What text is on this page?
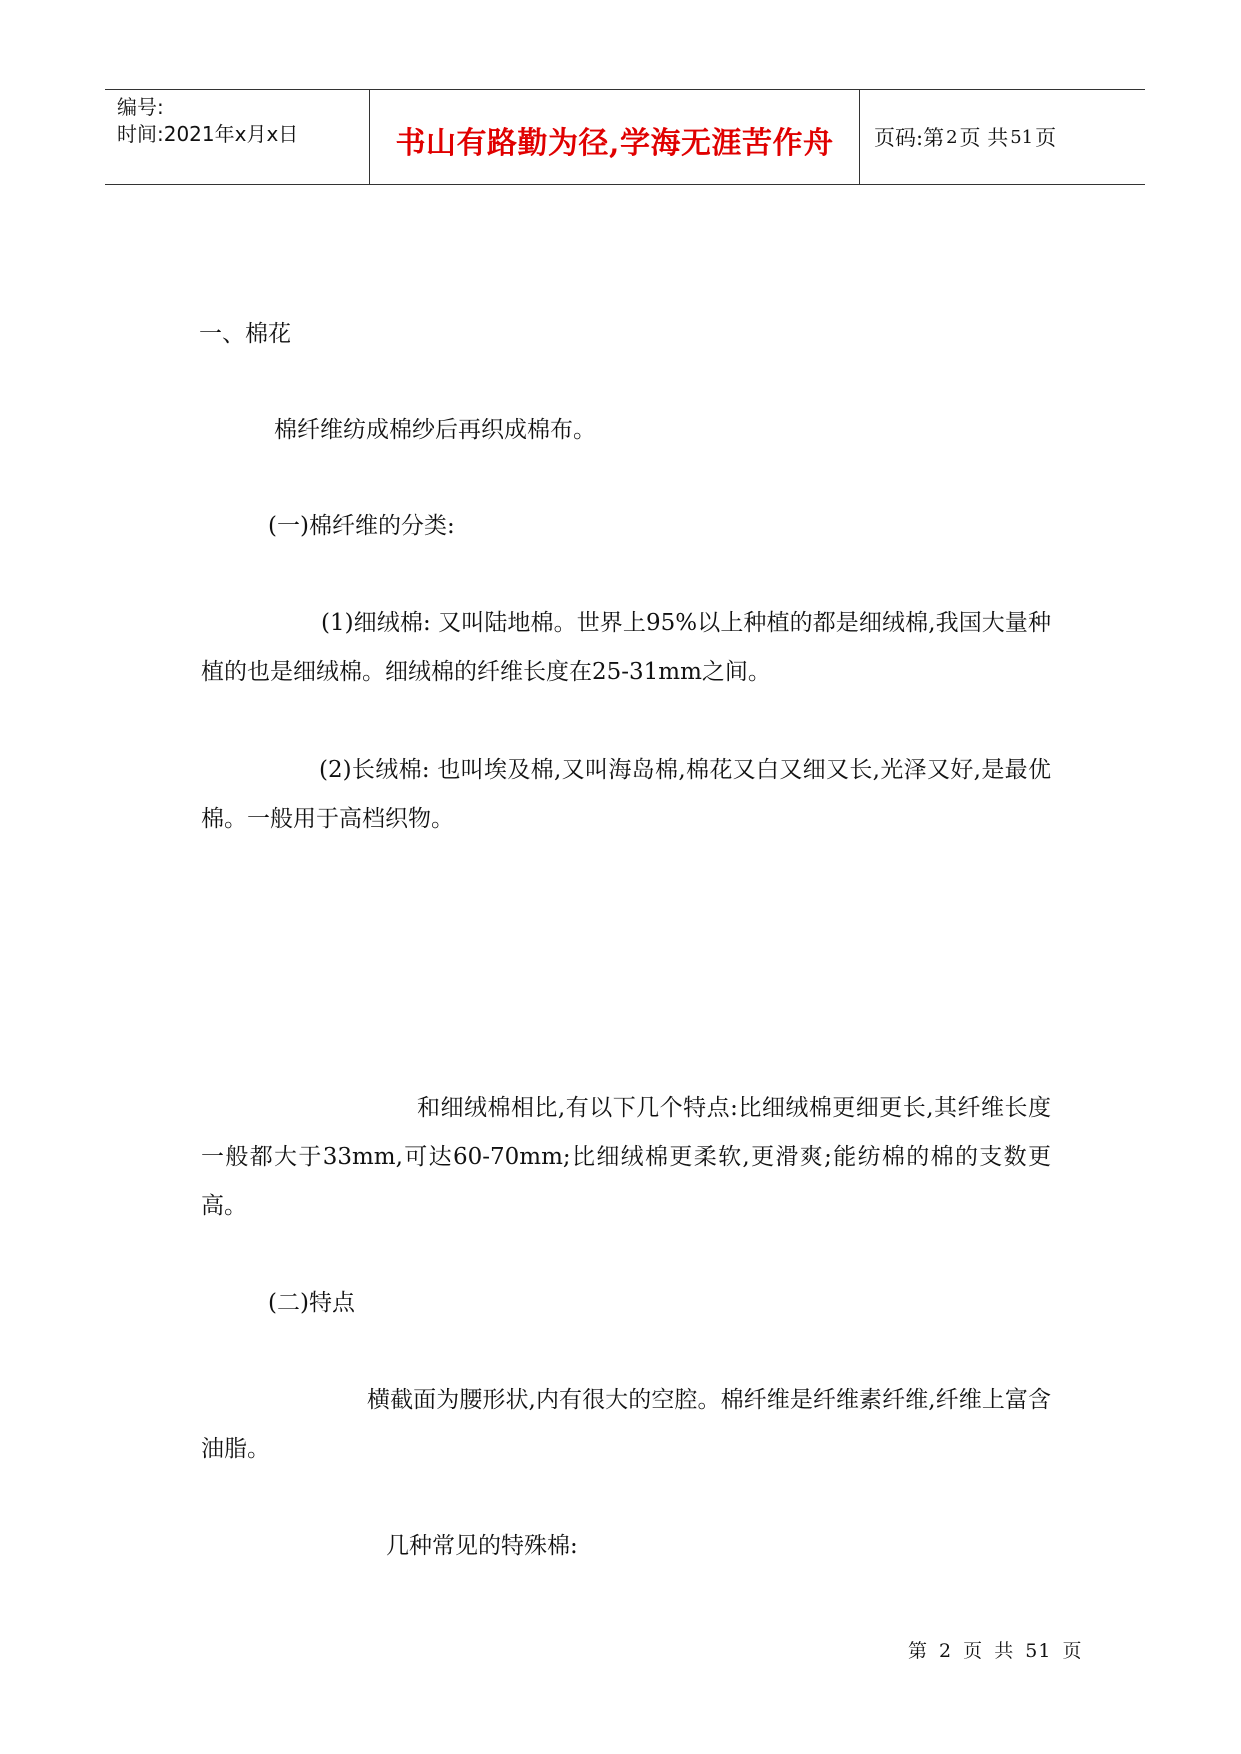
编号:
时间:2021年x月x日	书山有路勤为径,学海无涯苦作舟 页码:第 2 页 共 51 页
一、棉花
棉纤维纺成棉纱后再织成棉布。
(一)棉纤维的分类:
(1)细绒棉: 又叫陆地棉。世界上95%以上种植的都是细绒棉,我国大量种植的也是细绒棉。细绒棉的纤维长度在25-31mm之间。
(2)长绒棉: 也叫埃及棉,又叫海岛棉,棉花又白又细又长,光泽又好,是最优棉。一般用于高档织物。
和细绒棉相比,有以下几个特点:比细绒棉更细更长,其纤维长度一般都大于33mm,可达60-70mm;比细绒棉更柔软,更滑爽;能纺棉的棉的支数更高。
(二)特点
横截面为腰形状,内有很大的空腔。棉纤维是纤维素纤维,纤维上富含油脂。
几种常见的特殊棉:
第 2 页 共 51 页
